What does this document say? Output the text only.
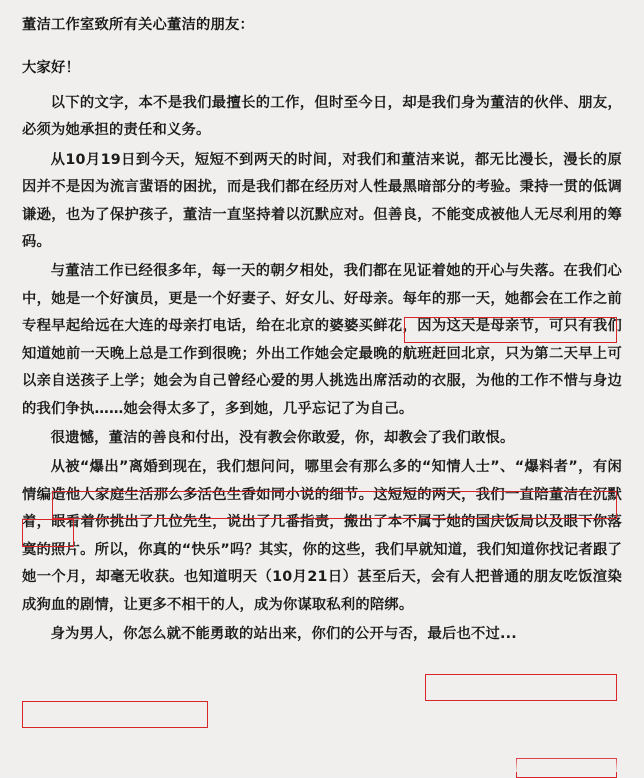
董洁工作室致所有关心董洁的朋友：
大家好！

以下的文字，本不是我们最擅长的工作，但时至今日，却是我们身为董洁的伙伴、朋友，必须为她承担的责任和义务。

从10月19日到今天，短短不到两天的时间，对我们和董洁来说，都无比漫长，漫长的原因并不是因为流言蜚语的困扰，而是我们都在经历对人性最黑暗部分的考验。秉持一贯的低调谦逊，也为了保护孩子，董洁一直坚持着以沉默应对。但善良，不能变成被他人无尽利用的筹码。

与董洁工作已经很多年，每一天的朝夕相处，我们都在见证着她的开心与失落。在我们心中，她是一个好演员，更是一个好妻子、好女儿、好母亲。每年的那一天，她都会在工作之前专程早起给远在大连的母亲打电话，给在北京的婆婆买鲜花，因为这天是母亲节，可只有我们知道她前一天晚上总是工作到很晚；外出工作她会定最晚的航班赶回北京，只为第二天早上可以亲自送孩子上学；她会为自己曾经心爱的男人挑选出席活动的衣服，为他的工作不惜与身边的我们争执……她会得太多了，多到她，几乎忘记了为自己。

很遗憾，董洁的善良和付出，没有教会你敢爱，你，却教会了我们敢恨。

从被“爆出”离婚到现在，我们想问问，哪里会有那么多的“知情人士”、“爆料者”，有闲情编造他人家庭生活那么多活色生香如同小说的细节。这短短的两天，我们一直陪董洁在沉默着，眼看着你挑出了几位先生，说出了几番指责，搬出了本不属于她的国庆饭局以及眼下你落寞的照片。所以，你真的“快乐”吗？其实，你的这些，我们早就知道，我们知道你找记者跟了她一个月，却毫无收获。也知道明天（10月21日）甚至后天，会有人把普通的朋友吃饭渲染成狗血的剧情，让更多不相干的人，成为你谋取私利的陪绑。

身为男人，你怎么就不能勇敢的站出来，你们的公开与否，最后也不过...
